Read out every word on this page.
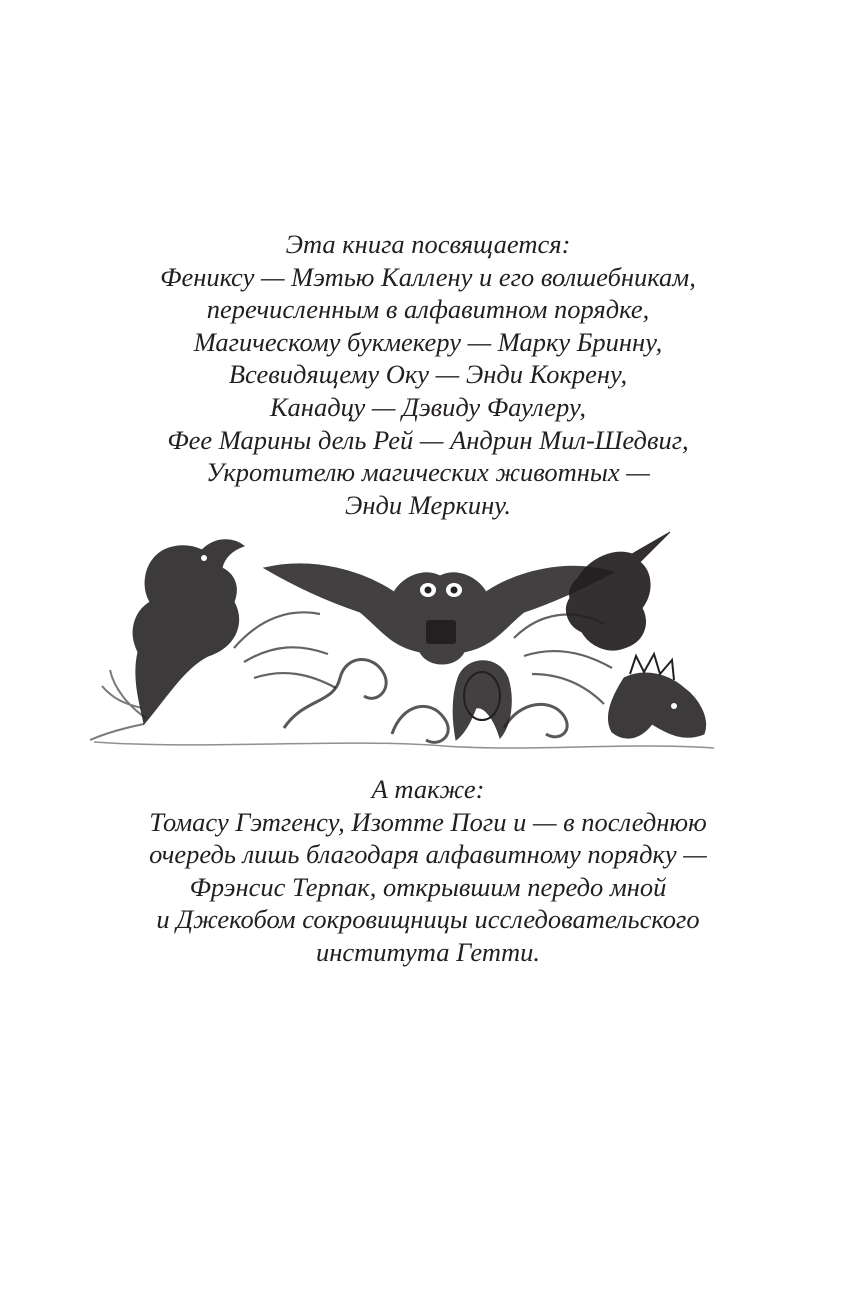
Эта книга посвящается:
Фениксу — Мэтью Каллену и его волшебникам,
перечисленным в алфавитном порядке,
Магическому букмекеру — Марку Бринну,
Всевидящему Оку — Энди Кокрену,
Канадцу — Дэвиду Фаулеру,
Фее Марины дель Рей — Андрин Мил-Шедвиг,
Укротителю магических животных —
Энди Меркину.
А также:
Томасу Гэтгенсу, Изотте Поги и — в последнюю
очередь лишь благодаря алфавитному порядку —
Фрэнсис Терпак, открывшим передо мной
и Джекобом сокровищницы исследовательского
института Гетти.
